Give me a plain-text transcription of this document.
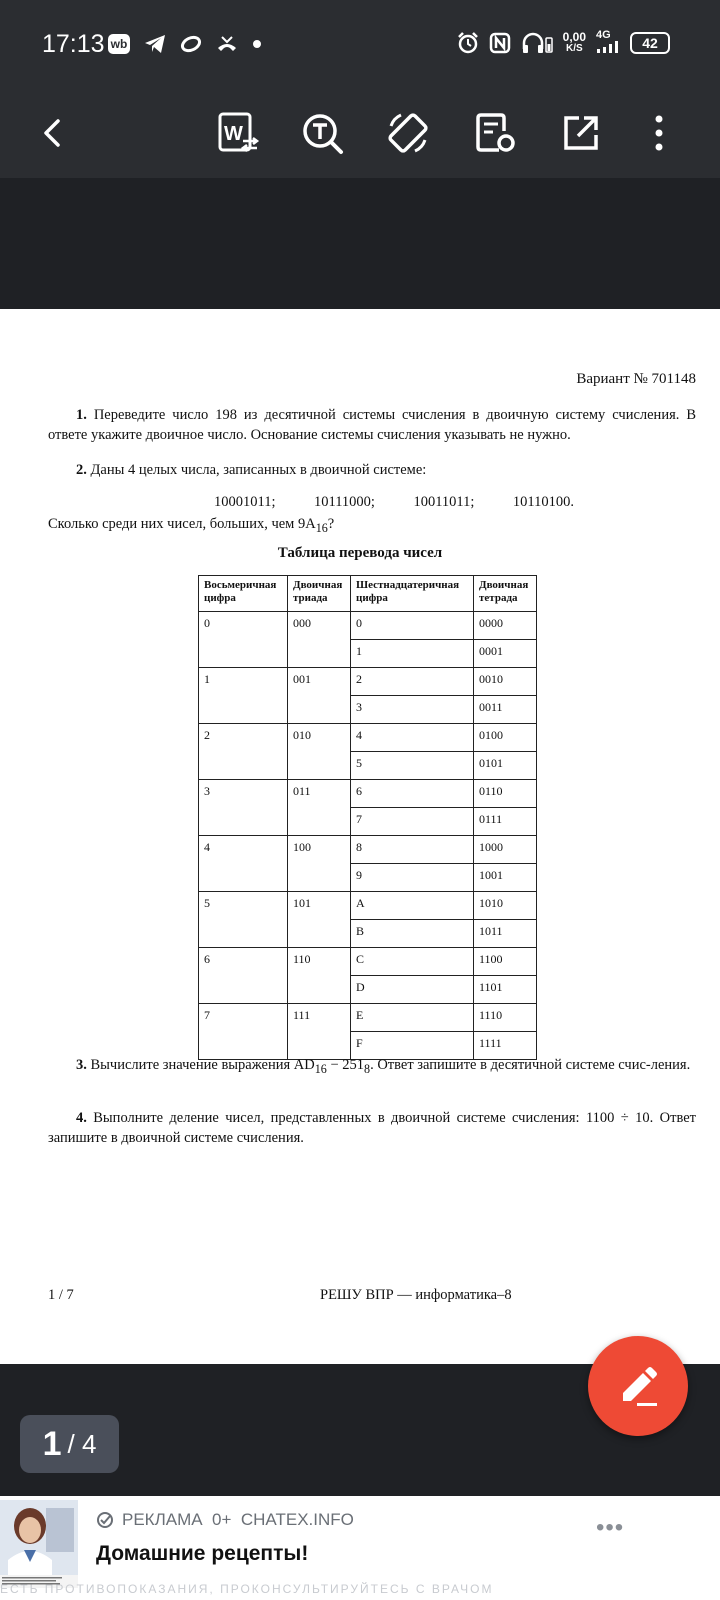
17:13 wb	0,00
K/S
4G	42
W
Вариант № 701148
1. Переведите число 198 из десятичной системы счисления в двоичную систему счисления. В ответе укажите двоичное число. Основание системы счисления указывать не нужно.
2. Даны 4 целых числа, записанных в двоичной системе:
10001011;	10111000;	10011011;	10110100.
Сколько среди них чисел, больших, чем $9A_{16}$?
Таблица перевода чисел
Восьмеричная цифра	Двоичная триада	Шестнадцатеричная цифра	Двоичная тетрада
0	000	0	0000
		1	0001
1	001	2	0010
		3	0011
2	010	4	0100
		5	0101
3	011	6	0110
		7	0111
4	100	8	1000
		9	1001
5	101	A	1010
		B	1011
6	110	C	1100
		D	1101
7	111	E	1110
		F	1111
3. Вычислите значение выражения $AD_{16} - 251_8$. Ответ запишите в десятичной системе счис-ления.
4. Выполните деление чисел, представленных в двоичной системе счисления: 1100 ÷ 10. Ответ запишите в двоичной системе счисления.
1 / 7	РЕШУ ВПР — информатика–8
1 / 4
РЕКЛАМА  0+  CHATEX.INFO
Домашние рецепты!
•••
ЕСТЬ ПРОТИВОПОКАЗАНИЯ, ПРОКОНСУЛЬТИРУЙТЕСЬ С ВРАЧОМ
